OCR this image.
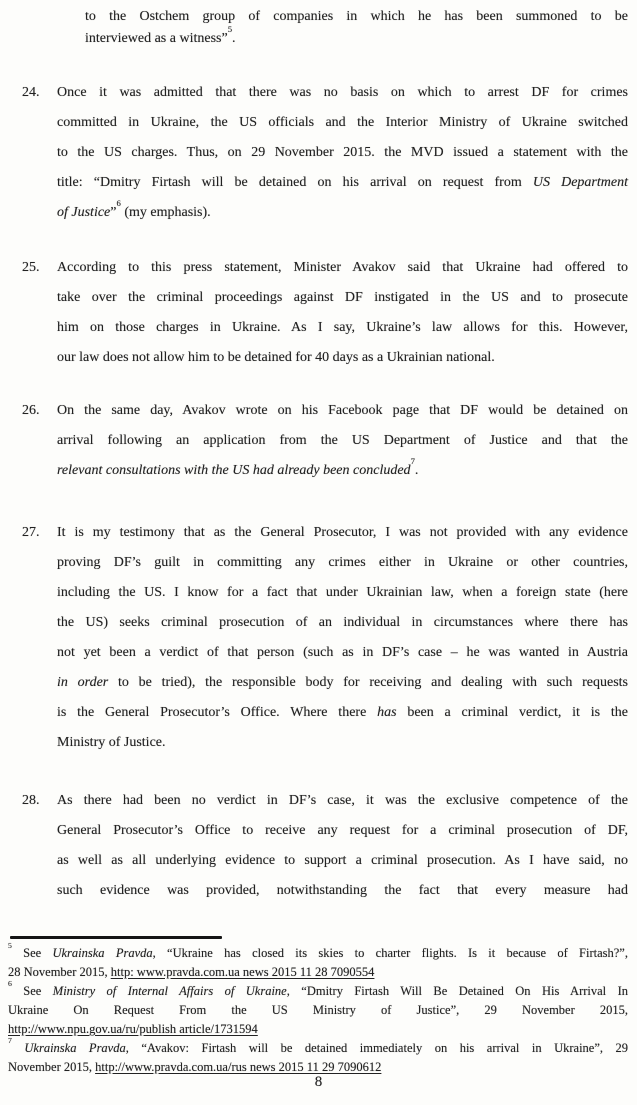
to the Ostchem group of companies in which he has been summoned to be
interviewed as a witness”$^5$.
24. Once it was admitted that there was no basis on which to arrest DF for crimes
committed in Ukraine, the US officials and the Interior Ministry of Ukraine switched
to the US charges. Thus, on 29 November 2015. the MVD issued a statement with the
title: “Dmitry Firtash will be detained on his arrival on request from US Department
of Justice”$^6$ (my emphasis).
25. According to this press statement, Minister Avakov said that Ukraine had offered to
take over the criminal proceedings against DF instigated in the US and to prosecute
him on those charges in Ukraine. As I say, Ukraine’s law allows for this. However,
our law does not allow him to be detained for 40 days as a Ukrainian national.
26. On the same day, Avakov wrote on his Facebook page that DF would be detained on
arrival following an application from the US Department of Justice and that the
relevant consultations with the US had already been concluded$^7$.
27. It is my testimony that as the General Prosecutor, I was not provided with any evidence
proving DF’s guilt in committing any crimes either in Ukraine or other countries,
including the US. I know for a fact that under Ukrainian law, when a foreign state (here
the US) seeks criminal prosecution of an individual in circumstances where there has
not yet been a verdict of that person (such as in DF’s case – he was wanted in Austria
in order to be tried), the responsible body for receiving and dealing with such requests
is the General Prosecutor’s Office. Where there has been a criminal verdict, it is the
Ministry of Justice.
28. As there had been no verdict in DF’s case, it was the exclusive competence of the
General Prosecutor’s Office to receive any request for a criminal prosecution of DF,
as well as all underlying evidence to support a criminal prosecution. As I have said, no
such evidence was provided, notwithstanding the fact that every measure had
$^5$ See Ukrainska Pravda, “Ukraine has closed its skies to charter flights. Is it because of Firtash?”,
28 November 2015, http: www.pravda.com.ua news 2015 11 28 7090554
$^6$ See Ministry of Internal Affairs of Ukraine, “Dmitry Firtash Will Be Detained On His Arrival In
Ukraine On Request From the US Ministry of Justice”, 29 November 2015,
http://www.npu.gov.ua/ru/publish article/1731594
$^7$ Ukrainska Pravda, “Avakov: Firtash will be detained immediately on his arrival in Ukraine”, 29
November 2015, http://www.pravda.com.ua/rus news 2015 11 29 7090612
8
